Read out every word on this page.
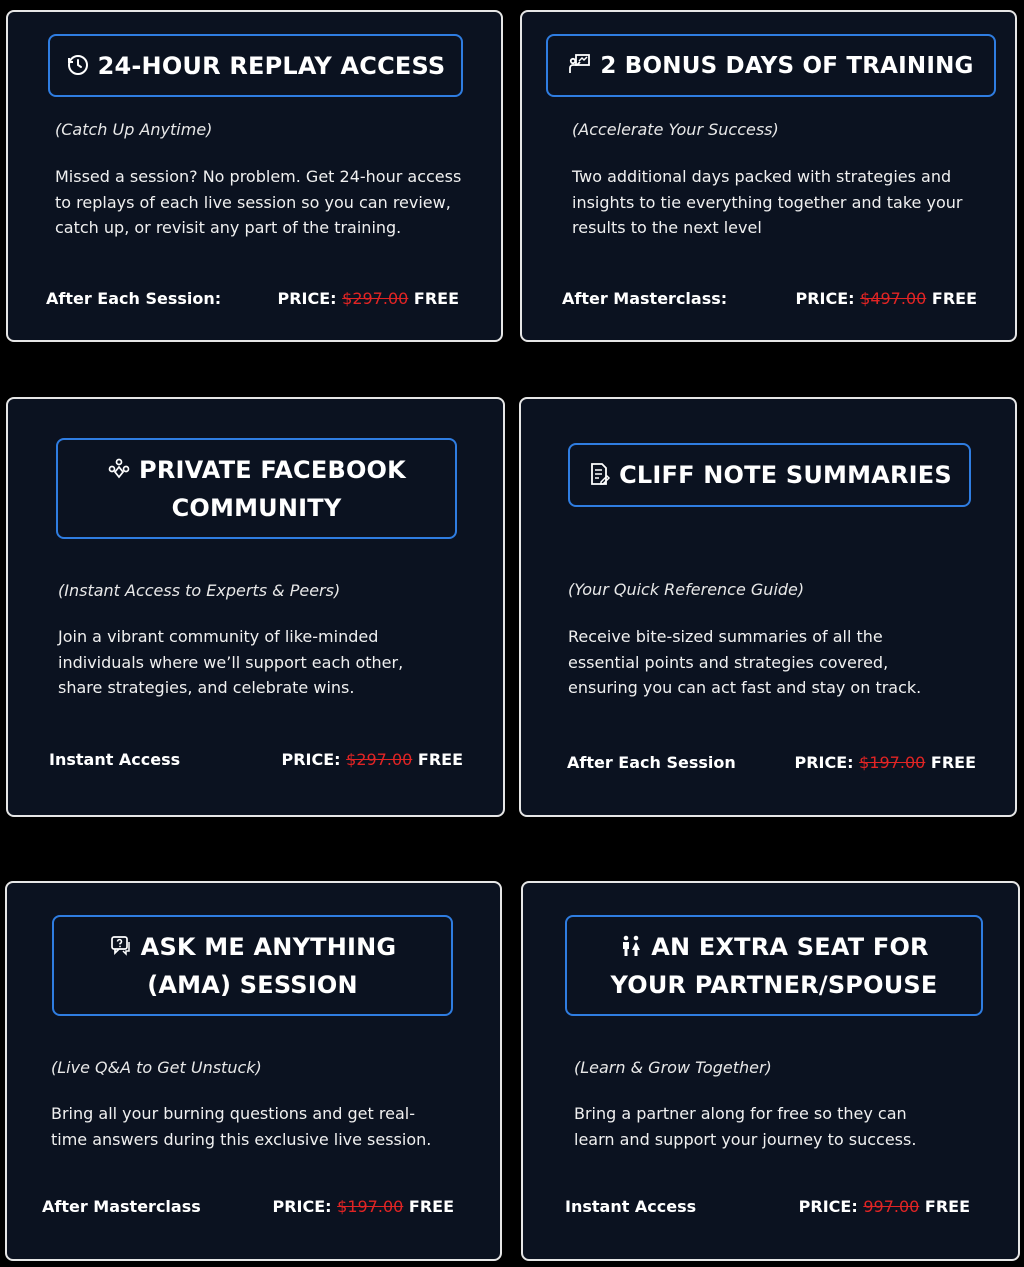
24-HOUR REPLAY ACCESS
(Catch Up Anytime)
Missed a session? No problem. Get 24-hour access to replays of each live session so you can review, catch up, or revisit any part of the training.
After Each Session:	PRICE: $297.00 FREE
2 BONUS DAYS OF TRAINING
(Accelerate Your Success)
Two additional days packed with strategies and insights to tie everything together and take your results to the next level
After Masterclass:	PRICE: $497.00 FREE
PRIVATE FACEBOOK COMMUNITY
(Instant Access to Experts & Peers)
Join a vibrant community of like-minded individuals where we’ll support each other, share strategies, and celebrate wins.
Instant Access	PRICE: $297.00 FREE
CLIFF NOTE SUMMARIES
(Your Quick Reference Guide)
Receive bite-sized summaries of all the essential points and strategies covered, ensuring you can act fast and stay on track.
After Each Session	PRICE: $197.00 FREE
ASK ME ANYTHING (AMA) SESSION
(Live Q&A to Get Unstuck)
Bring all your burning questions and get real-time answers during this exclusive live session.
After Masterclass	PRICE: $197.00 FREE
AN EXTRA SEAT FOR YOUR PARTNER/SPOUSE
(Learn & Grow Together)
Bring a partner along for free so they can learn and support your journey to success.
Instant Access	PRICE: 997.00 FREE
